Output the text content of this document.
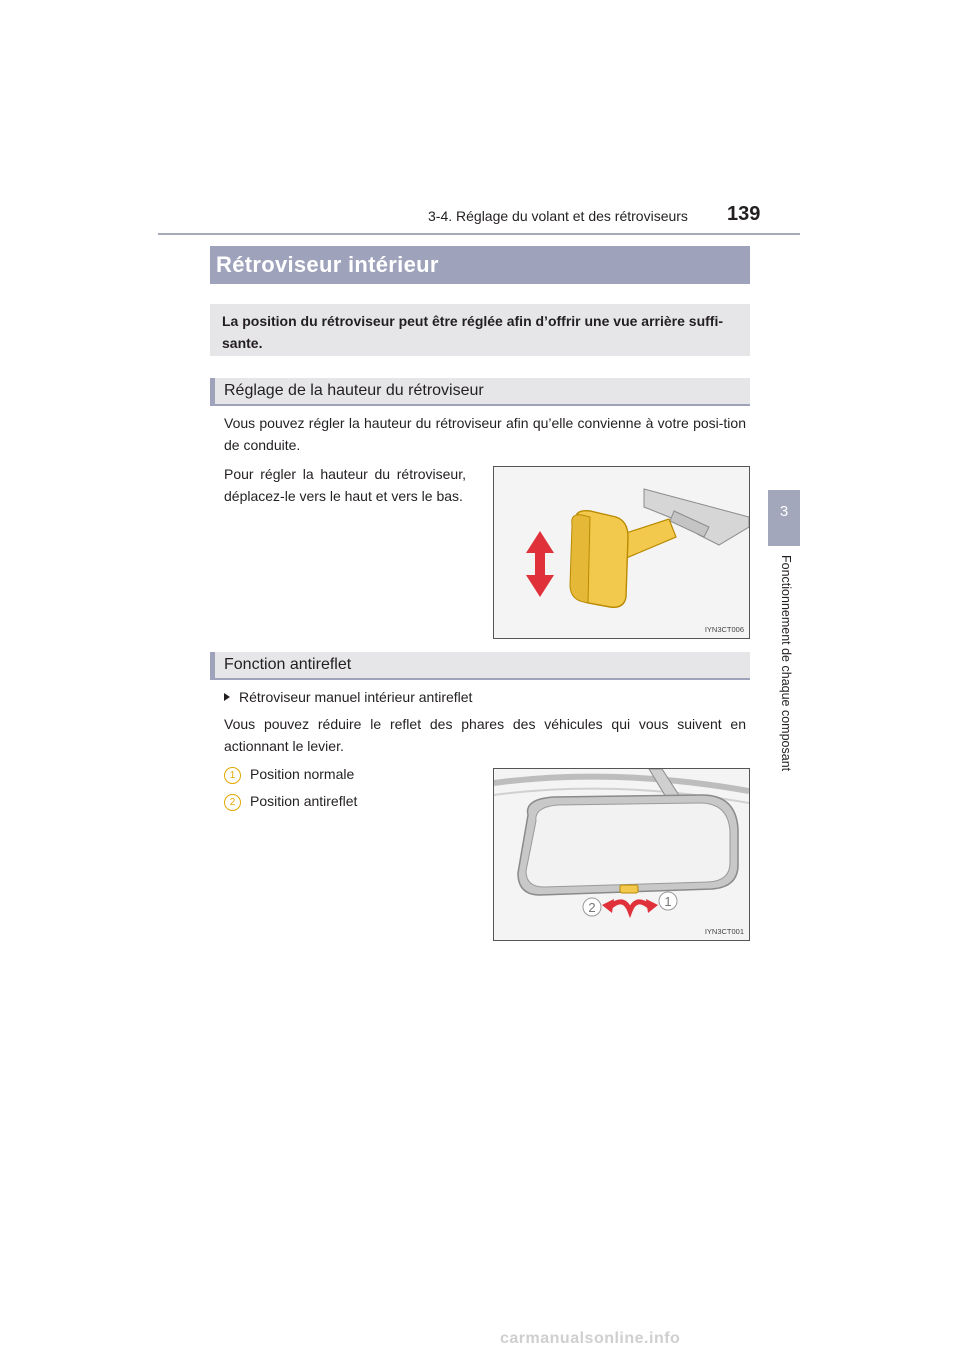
3-4. Réglage du volant et des rétroviseurs 139
3
Fonctionnement de chaque composant
Rétroviseur intérieur
La position du rétroviseur peut être réglée afin d’offrir une vue arrière suffi-sante.
Réglage de la hauteur du rétroviseur
Vous pouvez régler la hauteur du rétroviseur afin qu’elle convienne à votre posi-tion de conduite.
Pour régler la hauteur du rétroviseur, déplacez-le vers le haut et vers le bas.
IYN3CT006
Fonction antireflet
Rétroviseur manuel intérieur antireflet
Vous pouvez réduire le reflet des phares des véhicules qui vous suivent en actionnant le levier.
1 Position normale
2 Position antireflet
2	1
IYN3CT001
carmanualsonline.info
